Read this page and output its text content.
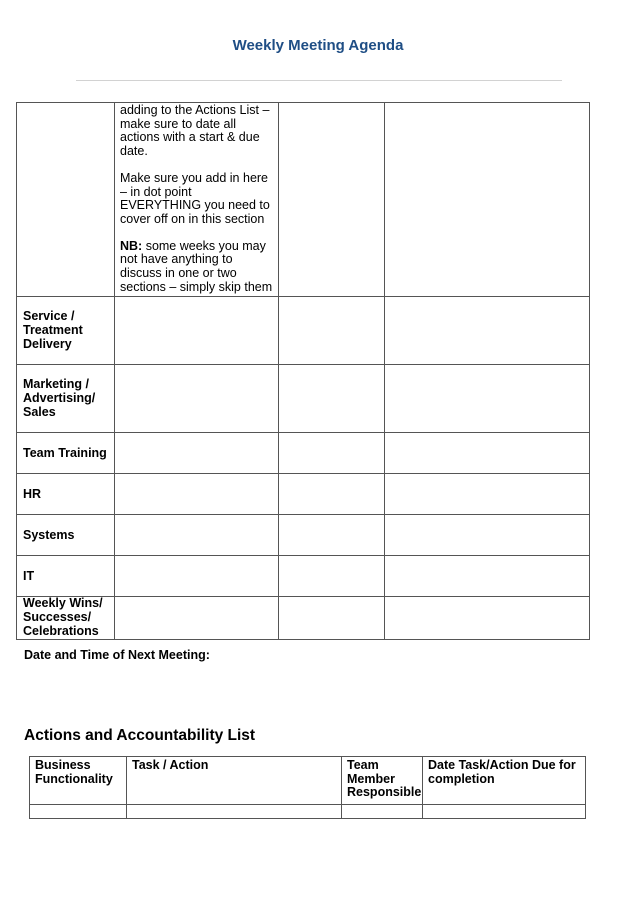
Weekly Meeting Agenda

	adding to the Actions List – make sure to date all actions with a start & due date.

Make sure you add in here – in dot point EVERYTHING you need to cover off on in this section

NB: some weeks you may not have anything to discuss in one or two sections – simply skip them		

Service / Treatment Delivery			
Marketing / Advertising/ Sales			
Team Training			
HR			
Systems			
IT			
Weekly Wins/ Successes/ Celebrations			
Date and Time of Next Meeting:
Actions and Accountability List
Business Functionality	Task / Action	Team Member Responsible	Date Task/Action Due for completion
